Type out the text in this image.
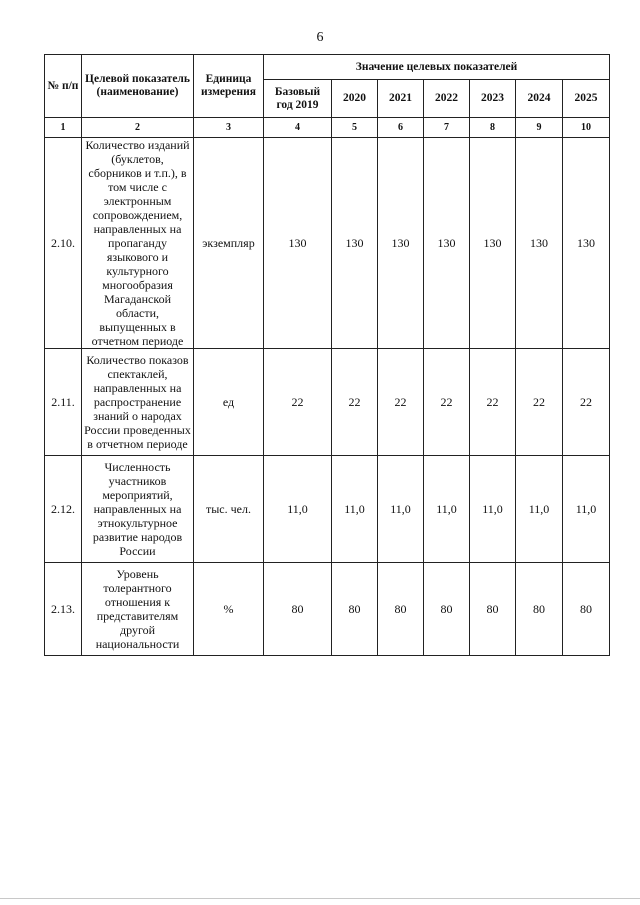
6
№ п/п	Целевой показатель (наименование)	Единица измерения	Значение целевых показателей						
			Базовый год 2019	2020	2021	2022	2023	2024	2025
1	2	3	4	5	6	7	8	9	10
2.10.	Количество изданий (буклетов, сборников и т.п.), в том числе с электронным сопровождением, направленных на пропаганду языкового и культурного многообразия Магаданской области, выпущенных в отчетном периоде	экземпляр	130	130	130	130	130	130	130
2.11.	Количество показов спектаклей, направленных на распространение знаний о народах России проведенных в отчетном периоде	ед	22	22	22	22	22	22	22
2.12.	Численность участников мероприятий, направленных на этнокультурное развитие народов России	тыс. чел.	11,0	11,0	11,0	11,0	11,0	11,0	11,0
2.13.	Уровень толерантного отношения к представителям другой национальности	%	80	80	80	80	80	80	80
